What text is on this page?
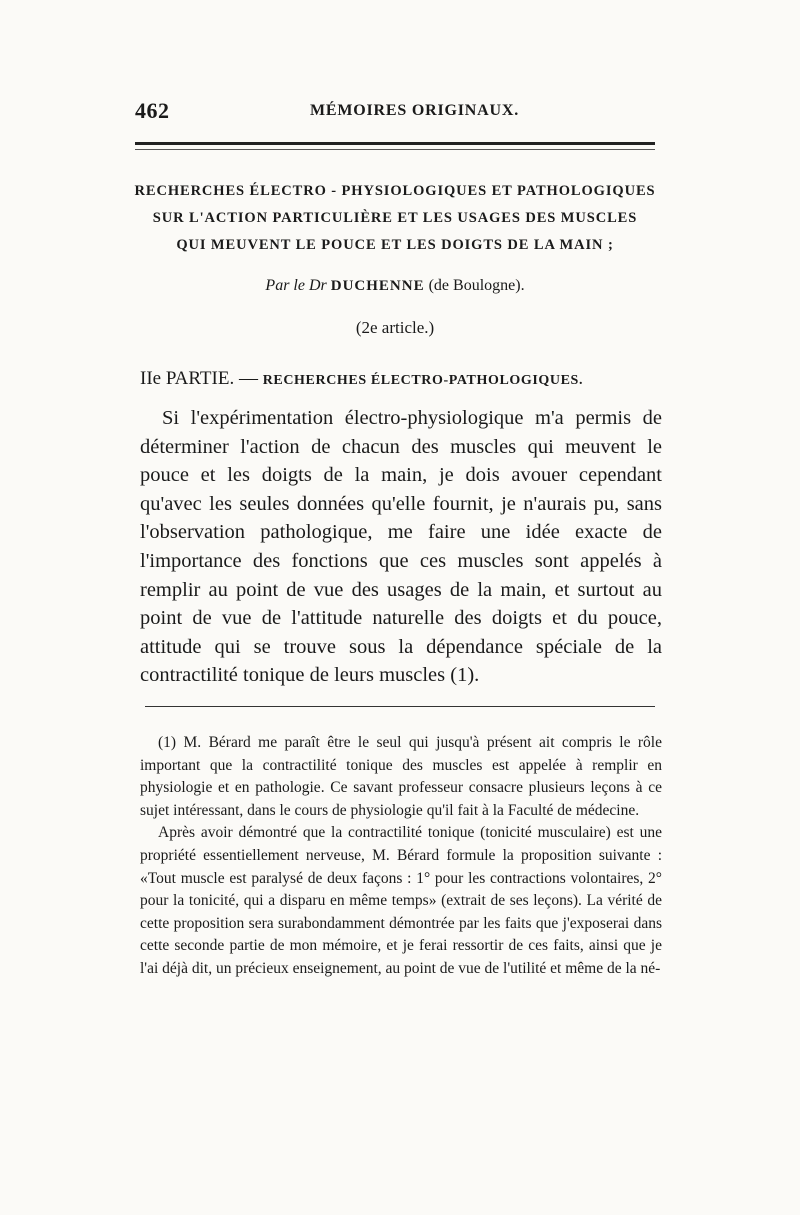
462	MÉMOIRES ORIGINAUX.
RECHERCHES ÉLECTRO - PHYSIOLOGIQUES ET PATHOLOGIQUES
SUR L'ACTION PARTICULIÈRE ET LES USAGES DES MUSCLES
QUI MEUVENT LE POUCE ET LES DOIGTS DE LA MAIN ;
Par le Dr DUCHENNE (de Boulogne).
(2e article.)
IIe PARTIE. — RECHERCHES ÉLECTRO-PATHOLOGIQUES.

Si l'expérimentation électro-physiologique m'a permis de déterminer l'action de chacun des muscles qui meuvent le pouce et les doigts de la main, je dois avouer cependant qu'avec les seules données qu'elle fournit, je n'aurais pu, sans l'observation pathologique, me faire une idée exacte de l'importance des fonctions que ces muscles sont appelés à remplir au point de vue des usages de la main, et surtout au point de vue de l'attitude naturelle des doigts et du pouce, attitude qui se trouve sous la dépendance spéciale de la contractilité tonique de leurs muscles (1).

(1) M. Bérard me paraît être le seul qui jusqu'à présent ait compris le rôle important que la contractilité tonique des muscles est appelée à remplir en physiologie et en pathologie. Ce savant professeur consacre plusieurs leçons à ce sujet intéressant, dans le cours de physiologie qu'il fait à la Faculté de médecine.

Après avoir démontré que la contractilité tonique (tonicité musculaire) est une propriété essentiellement nerveuse, M. Bérard formule la proposition suivante : «Tout muscle est paralysé de deux façons : 1° pour les contractions volontaires, 2° pour la tonicité, qui a disparu en même temps» (extrait de ses leçons). La vérité de cette proposition sera surabondamment démontrée par les faits que j'exposerai dans cette seconde partie de mon mémoire, et je ferai ressortir de ces faits, ainsi que je l'ai déjà dit, un précieux enseignement, au point de vue de l'utilité et même de la né-
